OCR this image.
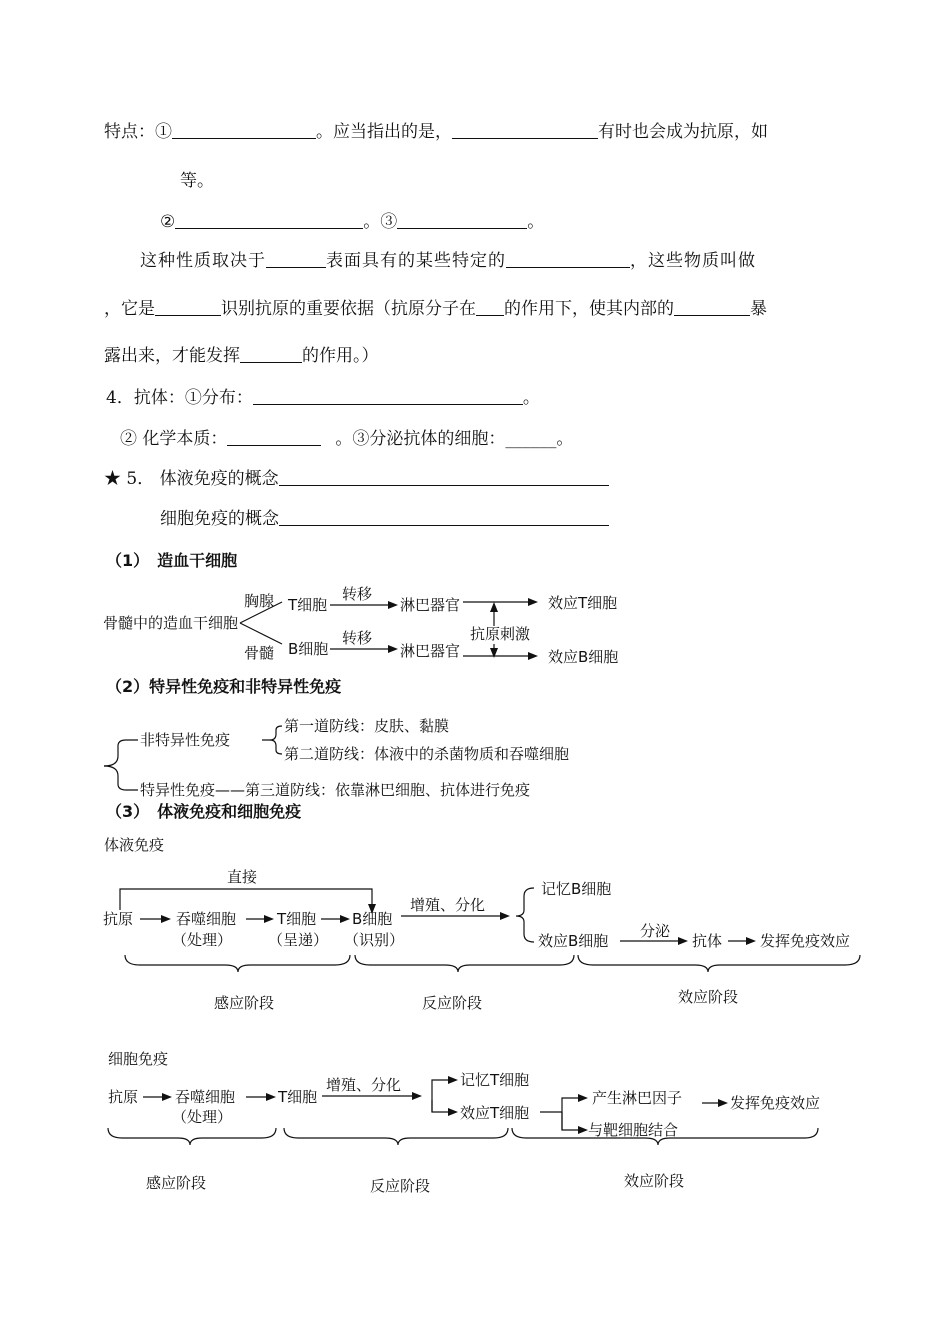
特点：①	。应当指出的是，	有时也会成为抗原，如
等。
②	。③	。
这种性质取决于	表面具有的某些特定的	，这些物质叫做
，它是	识别抗原的重要依据（抗原分子在 的作用下，使其内部的	暴
露出来，才能发挥	的作用。）
4．抗体：①分布：	。
② 化学本质：	。③分泌抗体的细胞：______。
★ 5． 体液免疫的概念
细胞免疫的概念
（1）　造血干细胞
（2）特异性免疫和非特异性免疫
（3）　体液免疫和细胞免疫
骨髓中的造血干细胞
胸腺
骨髓
T细胞
B细胞
转移
转移
淋巴器官
淋巴器官
抗原刺激
效应T细胞
效应B细胞
非特异性免疫
第一道防线：皮肤、黏膜
第二道防线：体液中的杀菌物质和吞噬细胞
特异性免疫——第三道防线：依靠淋巴细胞、抗体进行免疫
体液免疫
直接
抗原	吞噬细胞
（处理）
T细胞
（呈递）
B细胞
（识别）
增殖、分化
记忆B细胞
效应B细胞
分泌
抗体	发挥免疫效应
感应阶段	反应阶段	效应阶段
细胞免疫
抗原 吞噬细胞
（处理）
T细胞
增殖、分化	记忆T细胞
效应T细胞
产生淋巴因子
与靶细胞结合
发挥免疫效应
感应阶段	反应阶段	效应阶段
